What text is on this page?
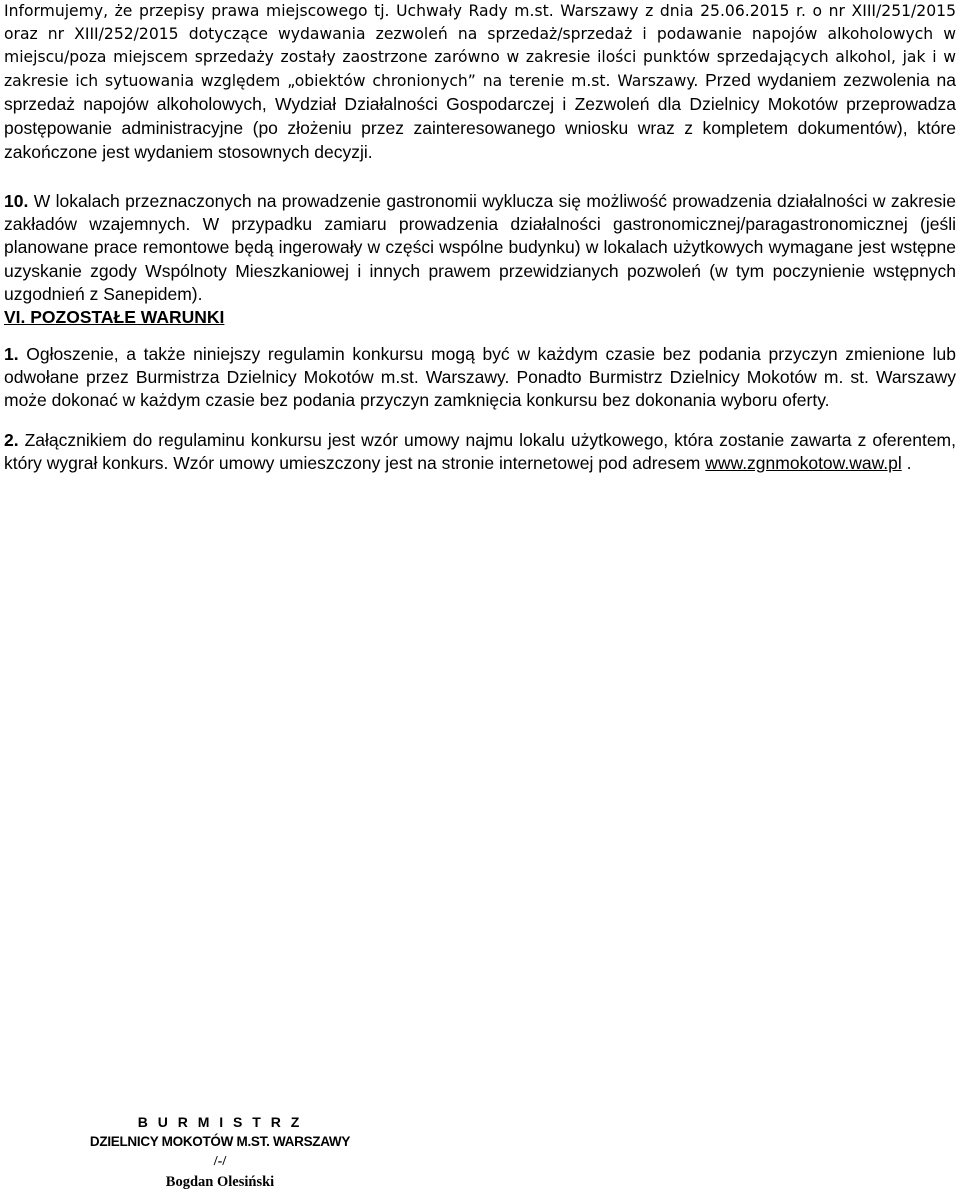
Informujemy, że przepisy prawa miejscowego tj. Uchwały Rady m.st. Warszawy z dnia 25.06.2015 r. o nr XIII/251/2015 oraz nr XIII/252/2015 dotyczące wydawania zezwoleń na sprzedaż/sprzedaż i podawanie napojów alkoholowych w miejscu/poza miejscem sprzedaży zostały zaostrzone zarówno w zakresie ilości punktów sprzedających alkohol, jak i w zakresie ich sytuowania względem „obiektów chronionych” na terenie m.st. Warszawy. Przed wydaniem zezwolenia na sprzedaż napojów alkoholowych, Wydział Działalności Gospodarczej i Zezwoleń dla Dzielnicy Mokotów przeprowadza postępowanie administracyjne (po złożeniu przez zainteresowanego wniosku wraz z kompletem dokumentów), które zakończone jest wydaniem stosownych decyzji.

10. W lokalach przeznaczonych na prowadzenie gastronomii wyklucza się możliwość prowadzenia działalności w zakresie zakładów wzajemnych. W przypadku zamiaru prowadzenia działalności gastronomicznej/paragastronomicznej (jeśli planowane prace remontowe będą ingerowały w części wspólne budynku) w lokalach użytkowych wymagane jest wstępne uzyskanie zgody Wspólnoty Mieszkaniowej i innych prawem przewidzianych pozwoleń (w tym poczynienie wstępnych uzgodnień z Sanepidem).

VI. POZOSTAŁE WARUNKI

1. Ogłoszenie, a także niniejszy regulamin konkursu mogą być w każdym czasie bez podania przyczyn zmienione lub odwołane przez Burmistrza Dzielnicy Mokotów m.st. Warszawy. Ponadto Burmistrz Dzielnicy Mokotów m. st. Warszawy może dokonać w każdym czasie bez podania przyczyn zamknięcia konkursu bez dokonania wyboru oferty.

2. Załącznikiem do regulaminu konkursu jest wzór umowy najmu lokalu użytkowego, która zostanie zawarta z oferentem, który wygrał konkurs. Wzór umowy umieszczony jest na stronie internetowej pod adresem www.zgnmokotow.waw.pl .

B U R M I S T R Z

DZIELNICY MOKOTÓW M.ST. WARSZAWY

/-/

Bogdan Olesiński
